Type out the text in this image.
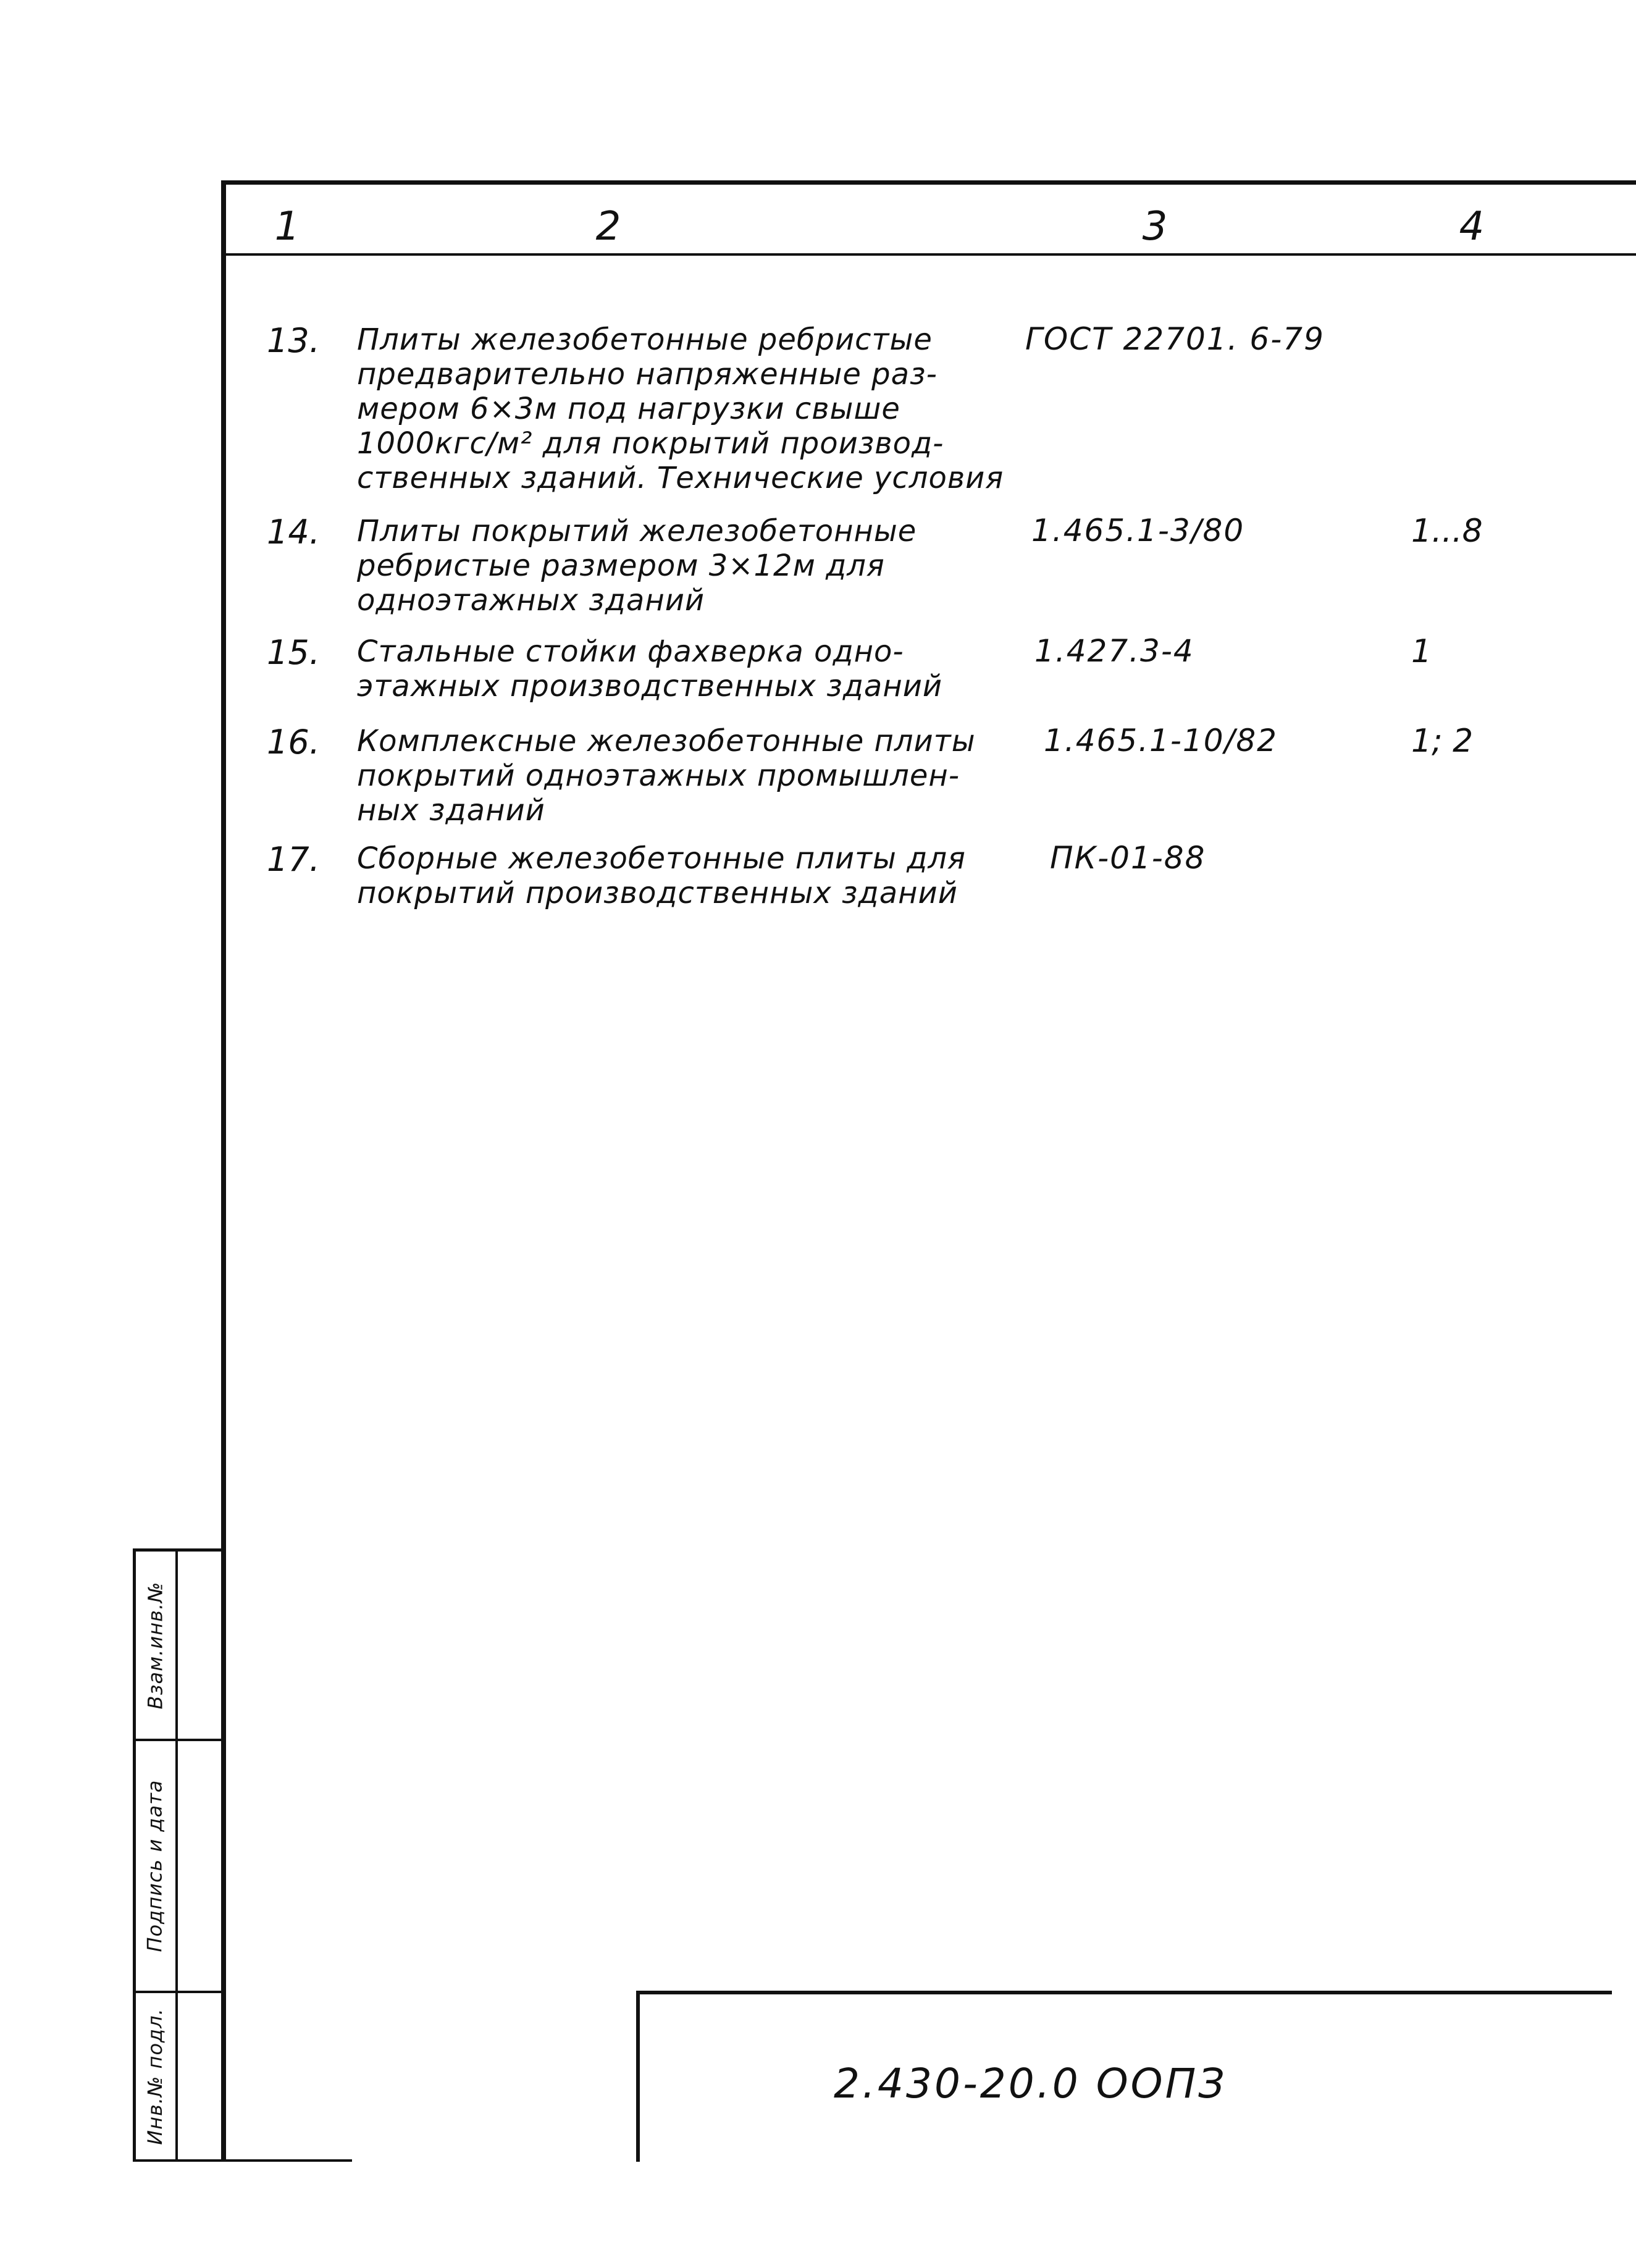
1	2	3	4
13. Плиты железобетонные ребристые
предварительно напряженные раз-
мером 6×3м под нагрузки свыше
1000кгс/м² для покрытий производ-
ственных зданий. Технические условия
ГОСТ 22701. 6-79
14. Плиты покрытий железобетонные
ребристые размером 3×12м для
одноэтажных зданий
1.465.1-3/80	1...8
15. Стальные стойки фахверка одно-
этажных производственных зданий
1.427.3-4	1
16. Комплексные железобетонные плиты
покрытий одноэтажных промышлен-
ных зданий
1.465.1-10/82	1; 2
17. Сборные железобетонные плиты для
покрытий производственных зданий
ПК-01-88
Взам.инв.№
Подпись и дата
Инв.№ подл.	2.430-20.0 ООПЗ
